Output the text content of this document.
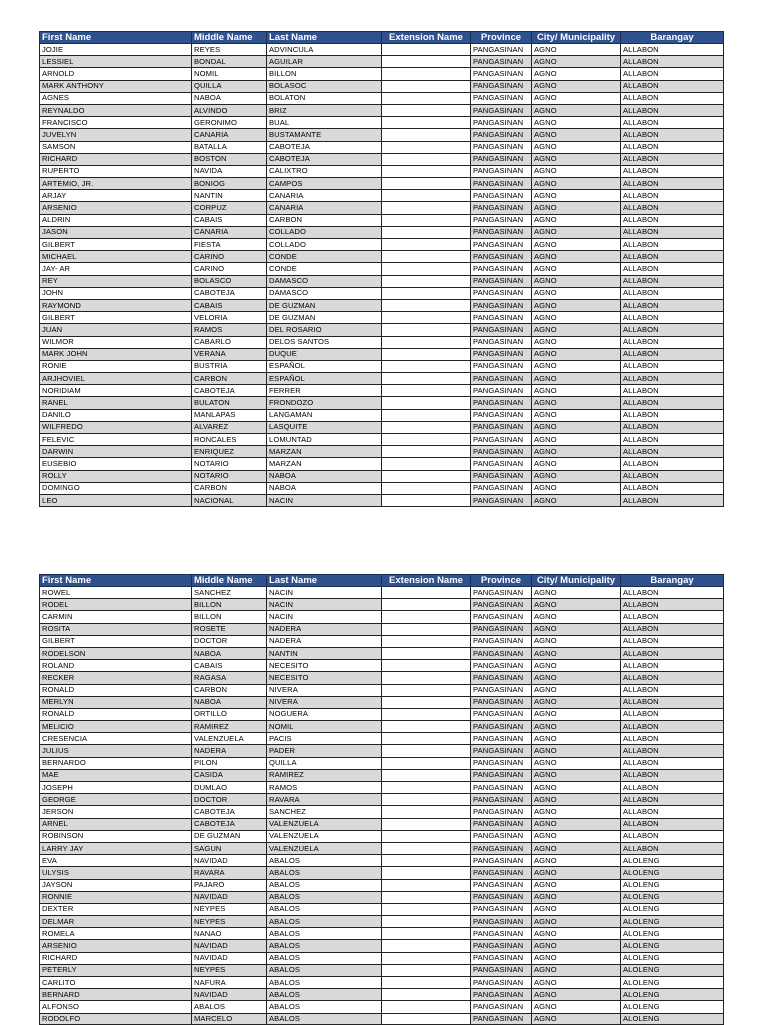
First Name	Middle Name	Last Name	Extension Name	Province	City/ Municipality	Barangay
JOJIE	REYES	ADVINCULA		PANGASINAN	AGNO	ALLABON
LESSIEL	BONDAL	AGUILAR		PANGASINAN	AGNO	ALLABON
ARNOLD	NOMIL	BILLON		PANGASINAN	AGNO	ALLABON
MARK ANTHONY	QUILLA	BOLASOC		PANGASINAN	AGNO	ALLABON
AGNES	NABOA	BOLATON		PANGASINAN	AGNO	ALLABON
REYNALDO	ALVINDO	BRIZ		PANGASINAN	AGNO	ALLABON
FRANCISCO	GERONIMO	BUAL		PANGASINAN	AGNO	ALLABON
JUVELYN	CANARIA	BUSTAMANTE		PANGASINAN	AGNO	ALLABON
SAMSON	BATALLA	CABOTEJA		PANGASINAN	AGNO	ALLABON
RICHARD	BOSTON	CABOTEJA		PANGASINAN	AGNO	ALLABON
RUPERTO	NAVIDA	CALIXTRO		PANGASINAN	AGNO	ALLABON
ARTEMIO, JR.	BONIOG	CAMPOS		PANGASINAN	AGNO	ALLABON
ARJAY	NANTIN	CANARIA		PANGASINAN	AGNO	ALLABON
ARSENIO	CORPUZ	CANARIA		PANGASINAN	AGNO	ALLABON
ALDRIN	CABAIS	CARBON		PANGASINAN	AGNO	ALLABON
JASON	CANARIA	COLLADO		PANGASINAN	AGNO	ALLABON
GILBERT	FIESTA	COLLADO		PANGASINAN	AGNO	ALLABON
MICHAEL	CARINO	CONDE		PANGASINAN	AGNO	ALLABON
JAY- AR	CARINO	CONDE		PANGASINAN	AGNO	ALLABON
REY	BOLASCO	DAMASCO		PANGASINAN	AGNO	ALLABON
JOHN	CABOTEJA	DAMASCO		PANGASINAN	AGNO	ALLABON
RAYMOND	CABAIS	DE GUZMAN		PANGASINAN	AGNO	ALLABON
GILBERT	VELORIA	DE GUZMAN		PANGASINAN	AGNO	ALLABON
JUAN	RAMOS	DEL ROSARIO		PANGASINAN	AGNO	ALLABON
WILMOR	CABARLO	DELOS SANTOS		PANGASINAN	AGNO	ALLABON
MARK JOHN	VERANA	DUQUE		PANGASINAN	AGNO	ALLABON
RONIE	BUSTRIA	ESPAÑOL		PANGASINAN	AGNO	ALLABON
ARJHOVIEL	CARBON	ESPAÑOL		PANGASINAN	AGNO	ALLABON
NORIDIAM	CABOTEJA	FERRER		PANGASINAN	AGNO	ALLABON
RANEL	BULATON	FRONDOZO		PANGASINAN	AGNO	ALLABON
DANILO	MANLAPAS	LANGAMAN		PANGASINAN	AGNO	ALLABON
WILFREDO	ALVAREZ	LASQUITE		PANGASINAN	AGNO	ALLABON
FELEVIC	RONCALES	LOMUNTAD		PANGASINAN	AGNO	ALLABON
DARWIN	ENRIQUEZ	MARZAN		PANGASINAN	AGNO	ALLABON
EUSEBIO	NOTARIO	MARZAN		PANGASINAN	AGNO	ALLABON
ROLLY	NOTARIO	NABOA		PANGASINAN	AGNO	ALLABON
DOMINGO	CARBON	NABOA		PANGASINAN	AGNO	ALLABON
LEO	NACIONAL	NACIN		PANGASINAN	AGNO	ALLABON
First Name	Middle Name	Last Name	Extension Name	Province	City/ Municipality	Barangay
ROWEL	SANCHEZ	NACIN		PANGASINAN	AGNO	ALLABON
RODEL	BILLON	NACIN		PANGASINAN	AGNO	ALLABON
CARMIN	BILLON	NACIN		PANGASINAN	AGNO	ALLABON
ROSITA	ROSETE	NADERA		PANGASINAN	AGNO	ALLABON
GILBERT	DOCTOR	NADERA		PANGASINAN	AGNO	ALLABON
RODELSON	NABOA	NANTIN		PANGASINAN	AGNO	ALLABON
ROLAND	CABAIS	NECESITO		PANGASINAN	AGNO	ALLABON
RECKER	RAGASA	NECESITO		PANGASINAN	AGNO	ALLABON
RONALD	CARBON	NIVERA		PANGASINAN	AGNO	ALLABON
MERLYN	NABOA	NIVERA		PANGASINAN	AGNO	ALLABON
RONALD	ORTILLO	NOGUERA		PANGASINAN	AGNO	ALLABON
MELICIO	RAMIREZ	NOMIL		PANGASINAN	AGNO	ALLABON
CRESENCIA	VALENZUELA	PACIS		PANGASINAN	AGNO	ALLABON
JULIUS	NADERA	PADER		PANGASINAN	AGNO	ALLABON
BERNARDO	PILON	QUILLA		PANGASINAN	AGNO	ALLABON
MAE	CASIDA	RAMIREZ		PANGASINAN	AGNO	ALLABON
JOSEPH	DUMLAO	RAMOS		PANGASINAN	AGNO	ALLABON
GEORGE	DOCTOR	RAVARA		PANGASINAN	AGNO	ALLABON
JERSON	CABOTEJA	SANCHEZ		PANGASINAN	AGNO	ALLABON
ARNEL	CABOTEJA	VALENZUELA		PANGASINAN	AGNO	ALLABON
ROBINSON	DE GUZMAN	VALENZUELA		PANGASINAN	AGNO	ALLABON
LARRY JAY	SAGUN	VALENZUELA		PANGASINAN	AGNO	ALLABON
EVA	NAVIDAD	ABALOS		PANGASINAN	AGNO	ALOLENG
ULYSIS	RAVARA	ABALOS		PANGASINAN	AGNO	ALOLENG
JAYSON	PAJARO	ABALOS		PANGASINAN	AGNO	ALOLENG
RONNIE	NAVIDAD	ABALOS		PANGASINAN	AGNO	ALOLENG
DEXTER	NEYPES	ABALOS		PANGASINAN	AGNO	ALOLENG
DELMAR	NEYPES	ABALOS		PANGASINAN	AGNO	ALOLENG
ROMELA	NANAO	ABALOS		PANGASINAN	AGNO	ALOLENG
ARSENIO	NAVIDAD	ABALOS		PANGASINAN	AGNO	ALOLENG
RICHARD	NAVIDAD	ABALOS		PANGASINAN	AGNO	ALOLENG
PETERLY	NEYPES	ABALOS		PANGASINAN	AGNO	ALOLENG
CARLITO	NAFURA	ABALOS		PANGASINAN	AGNO	ALOLENG
BERNARD	NAVIDAD	ABALOS		PANGASINAN	AGNO	ALOLENG
ALFONSO	ABALOS	ABALOS		PANGASINAN	AGNO	ALOLENG
RODOLFO	MARCELO	ABALOS		PANGASINAN	AGNO	ALOLENG
